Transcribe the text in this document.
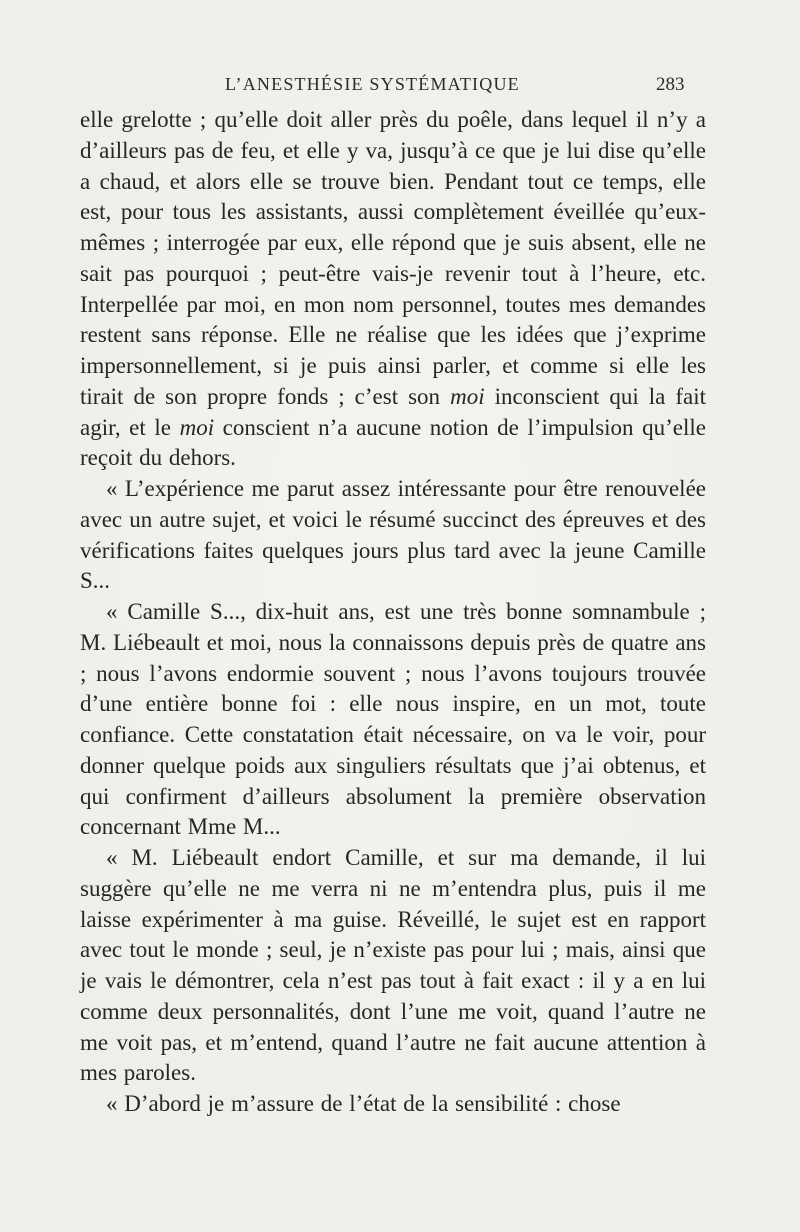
L’ANESTHÉSIE SYSTÉMATIQUE	283

elle grelotte ; qu’elle doit aller près du poêle, dans lequel il n’y a d’ailleurs pas de feu, et elle y va, jusqu’à ce que je lui dise qu’elle a chaud, et alors elle se trouve bien. Pendant tout ce temps, elle est, pour tous les assistants, aussi complètement éveillée qu’eux-mêmes ; interrogée par eux, elle répond que je suis absent, elle ne sait pas pourquoi ; peut-être vais-je revenir tout à l’heure, etc. Interpellée par moi, en mon nom personnel, toutes mes demandes restent sans réponse. Elle ne réalise que les idées que j’exprime impersonnellement, si je puis ainsi parler, et comme si elle les tirait de son propre fonds ; c’est son moi inconscient qui la fait agir, et le moi conscient n’a aucune notion de l’impulsion qu’elle reçoit du dehors.

« L’expérience me parut assez intéressante pour être renouvelée avec un autre sujet, et voici le résumé succinct des épreuves et des vérifications faites quelques jours plus tard avec la jeune Camille S...

« Camille S..., dix-huit ans, est une très bonne somnambule ; M. Liébeault et moi, nous la connaissons depuis près de quatre ans ; nous l’avons endormie souvent ; nous l’avons toujours trouvée d’une entière bonne foi : elle nous inspire, en un mot, toute confiance. Cette constatation était nécessaire, on va le voir, pour donner quelque poids aux singuliers résultats que j’ai obtenus, et qui confirment d’ailleurs absolument la première observation concernant Mme M...

« M. Liébeault endort Camille, et sur ma demande, il lui suggère qu’elle ne me verra ni ne m’entendra plus, puis il me laisse expérimenter à ma guise. Réveillé, le sujet est en rapport avec tout le monde ; seul, je n’existe pas pour lui ; mais, ainsi que je vais le démontrer, cela n’est pas tout à fait exact : il y a en lui comme deux personnalités, dont l’une me voit, quand l’autre ne me voit pas, et m’entend, quand l’autre ne fait aucune attention à mes paroles.

« D’abord je m’assure de l’état de la sensibilité : chose
